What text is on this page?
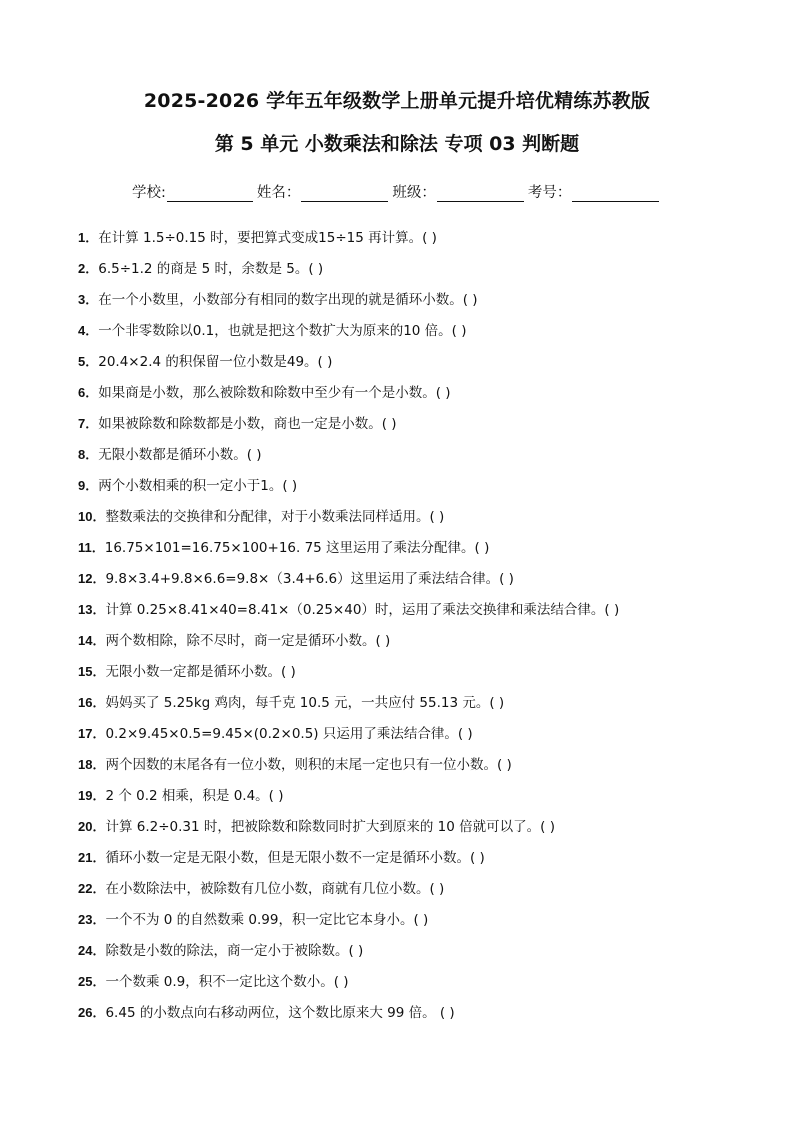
2025-2026 学年五年级数学上册单元提升培优精练苏教版
第 5 单元 小数乘法和除法 专项 03 判断题
学校:	姓名：	班级：	考号：
1． 在计算 1.5÷0.15 时，要把算式变成15÷15 再计算。( )
2． 6.5÷1.2 的商是 5 时，余数是 5。( )
3． 在一个小数里，小数部分有相同的数字出现的就是循环小数。( )
4． 一个非零数除以0.1，也就是把这个数扩大为原来的10 倍。( )
5． 20.4×2.4 的积保留一位小数是49。( )
6． 如果商是小数，那么被除数和除数中至少有一个是小数。( )
7． 如果被除数和除数都是小数，商也一定是小数。( )
8． 无限小数都是循环小数。( )
9． 两个小数相乘的积一定小于1。( )
10． 整数乘法的交换律和分配律，对于小数乘法同样适用。( )
11． 16.75×101=16.75×100+16. 75 这里运用了乘法分配律。( )
12． 9.8×3.4+9.8×6.6=9.8×（3.4+6.6）这里运用了乘法结合律。( )
13． 计算 0.25×8.41×40=8.41×（0.25×40）时，运用了乘法交换律和乘法结合律。( )
14． 两个数相除，除不尽时，商一定是循环小数。( )
15． 无限小数一定都是循环小数。( )
16． 妈妈买了 5.25kg 鸡肉，每千克 10.5 元，一共应付 55.13 元。( )
17． 0.2×9.45×0.5=9.45×(0.2×0.5) 只运用了乘法结合律。( )
18． 两个因数的末尾各有一位小数，则积的末尾一定也只有一位小数。( )
19． 2 个 0.2 相乘，积是 0.4。( )
20． 计算 6.2÷0.31 时，把被除数和除数同时扩大到原来的 10 倍就可以了。( )
21． 循环小数一定是无限小数，但是无限小数不一定是循环小数。( )
22． 在小数除法中，被除数有几位小数，商就有几位小数。( )
23． 一个不为 0 的自然数乘 0.99，积一定比它本身小。( )
24． 除数是小数的除法，商一定小于被除数。( )
25． 一个数乘 0.9，积不一定比这个数小。( )
26． 6.45 的小数点向右移动两位，这个数比原来大 99 倍。 ( )
